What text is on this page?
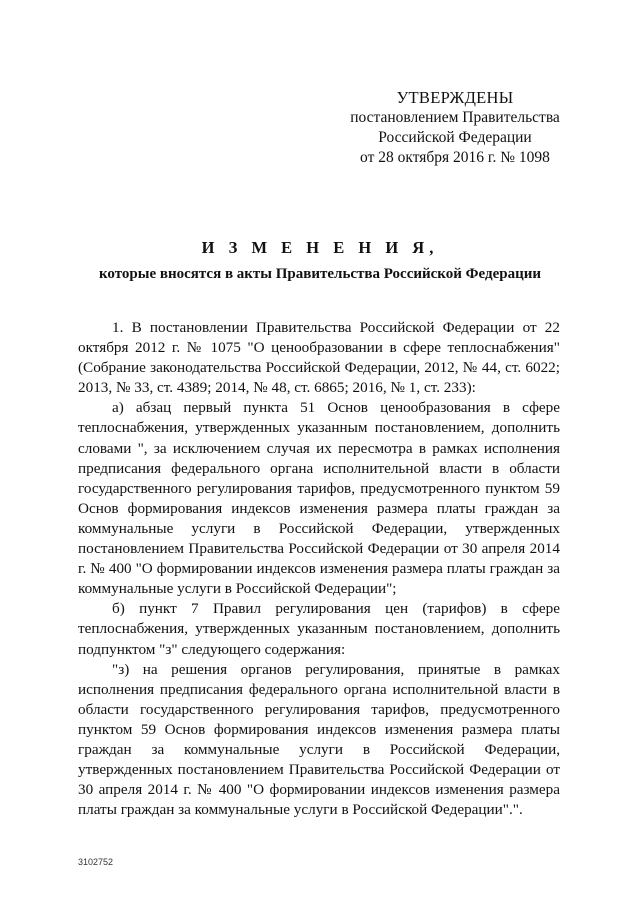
УТВЕРЖДЕНЫ
постановлением Правительства
Российской Федерации
от 28 октября 2016 г. № 1098
И З М Е Н Е Н И Я,
которые вносятся в акты Правительства Российской Федерации

1. В постановлении Правительства Российской Федерации от 22 октября 2012 г. № 1075 "О ценообразовании в сфере теплоснабжения" (Собрание законодательства Российской Федерации, 2012, № 44, ст. 6022; 2013, № 33, ст. 4389; 2014, № 48, ст. 6865; 2016, № 1, ст. 233):

а) абзац первый пункта 51 Основ ценообразования в сфере теплоснабжения, утвержденных указанным постановлением, дополнить словами ", за исключением случая их пересмотра в рамках исполнения предписания федерального органа исполнительной власти в области государственного регулирования тарифов, предусмотренного пунктом 59 Основ формирования индексов изменения размера платы граждан за коммунальные услуги в Российской Федерации, утвержденных постановлением Правительства Российской Федерации от 30 апреля 2014 г. № 400 "О формировании индексов изменения размера платы граждан за коммунальные услуги в Российской Федерации";

б) пункт 7 Правил регулирования цен (тарифов) в сфере теплоснабжения, утвержденных указанным постановлением, дополнить подпунктом "з" следующего содержания:

"з) на решения органов регулирования, принятые в рамках исполнения предписания федерального органа исполнительной власти в области государственного регулирования тарифов, предусмотренного пунктом 59 Основ формирования индексов изменения размера платы граждан за коммунальные услуги в Российской Федерации, утвержденных постановлением Правительства Российской Федерации от 30 апреля 2014 г. № 400 "О формировании индексов изменения размера платы граждан за коммунальные услуги в Российской Федерации".".

3102752
